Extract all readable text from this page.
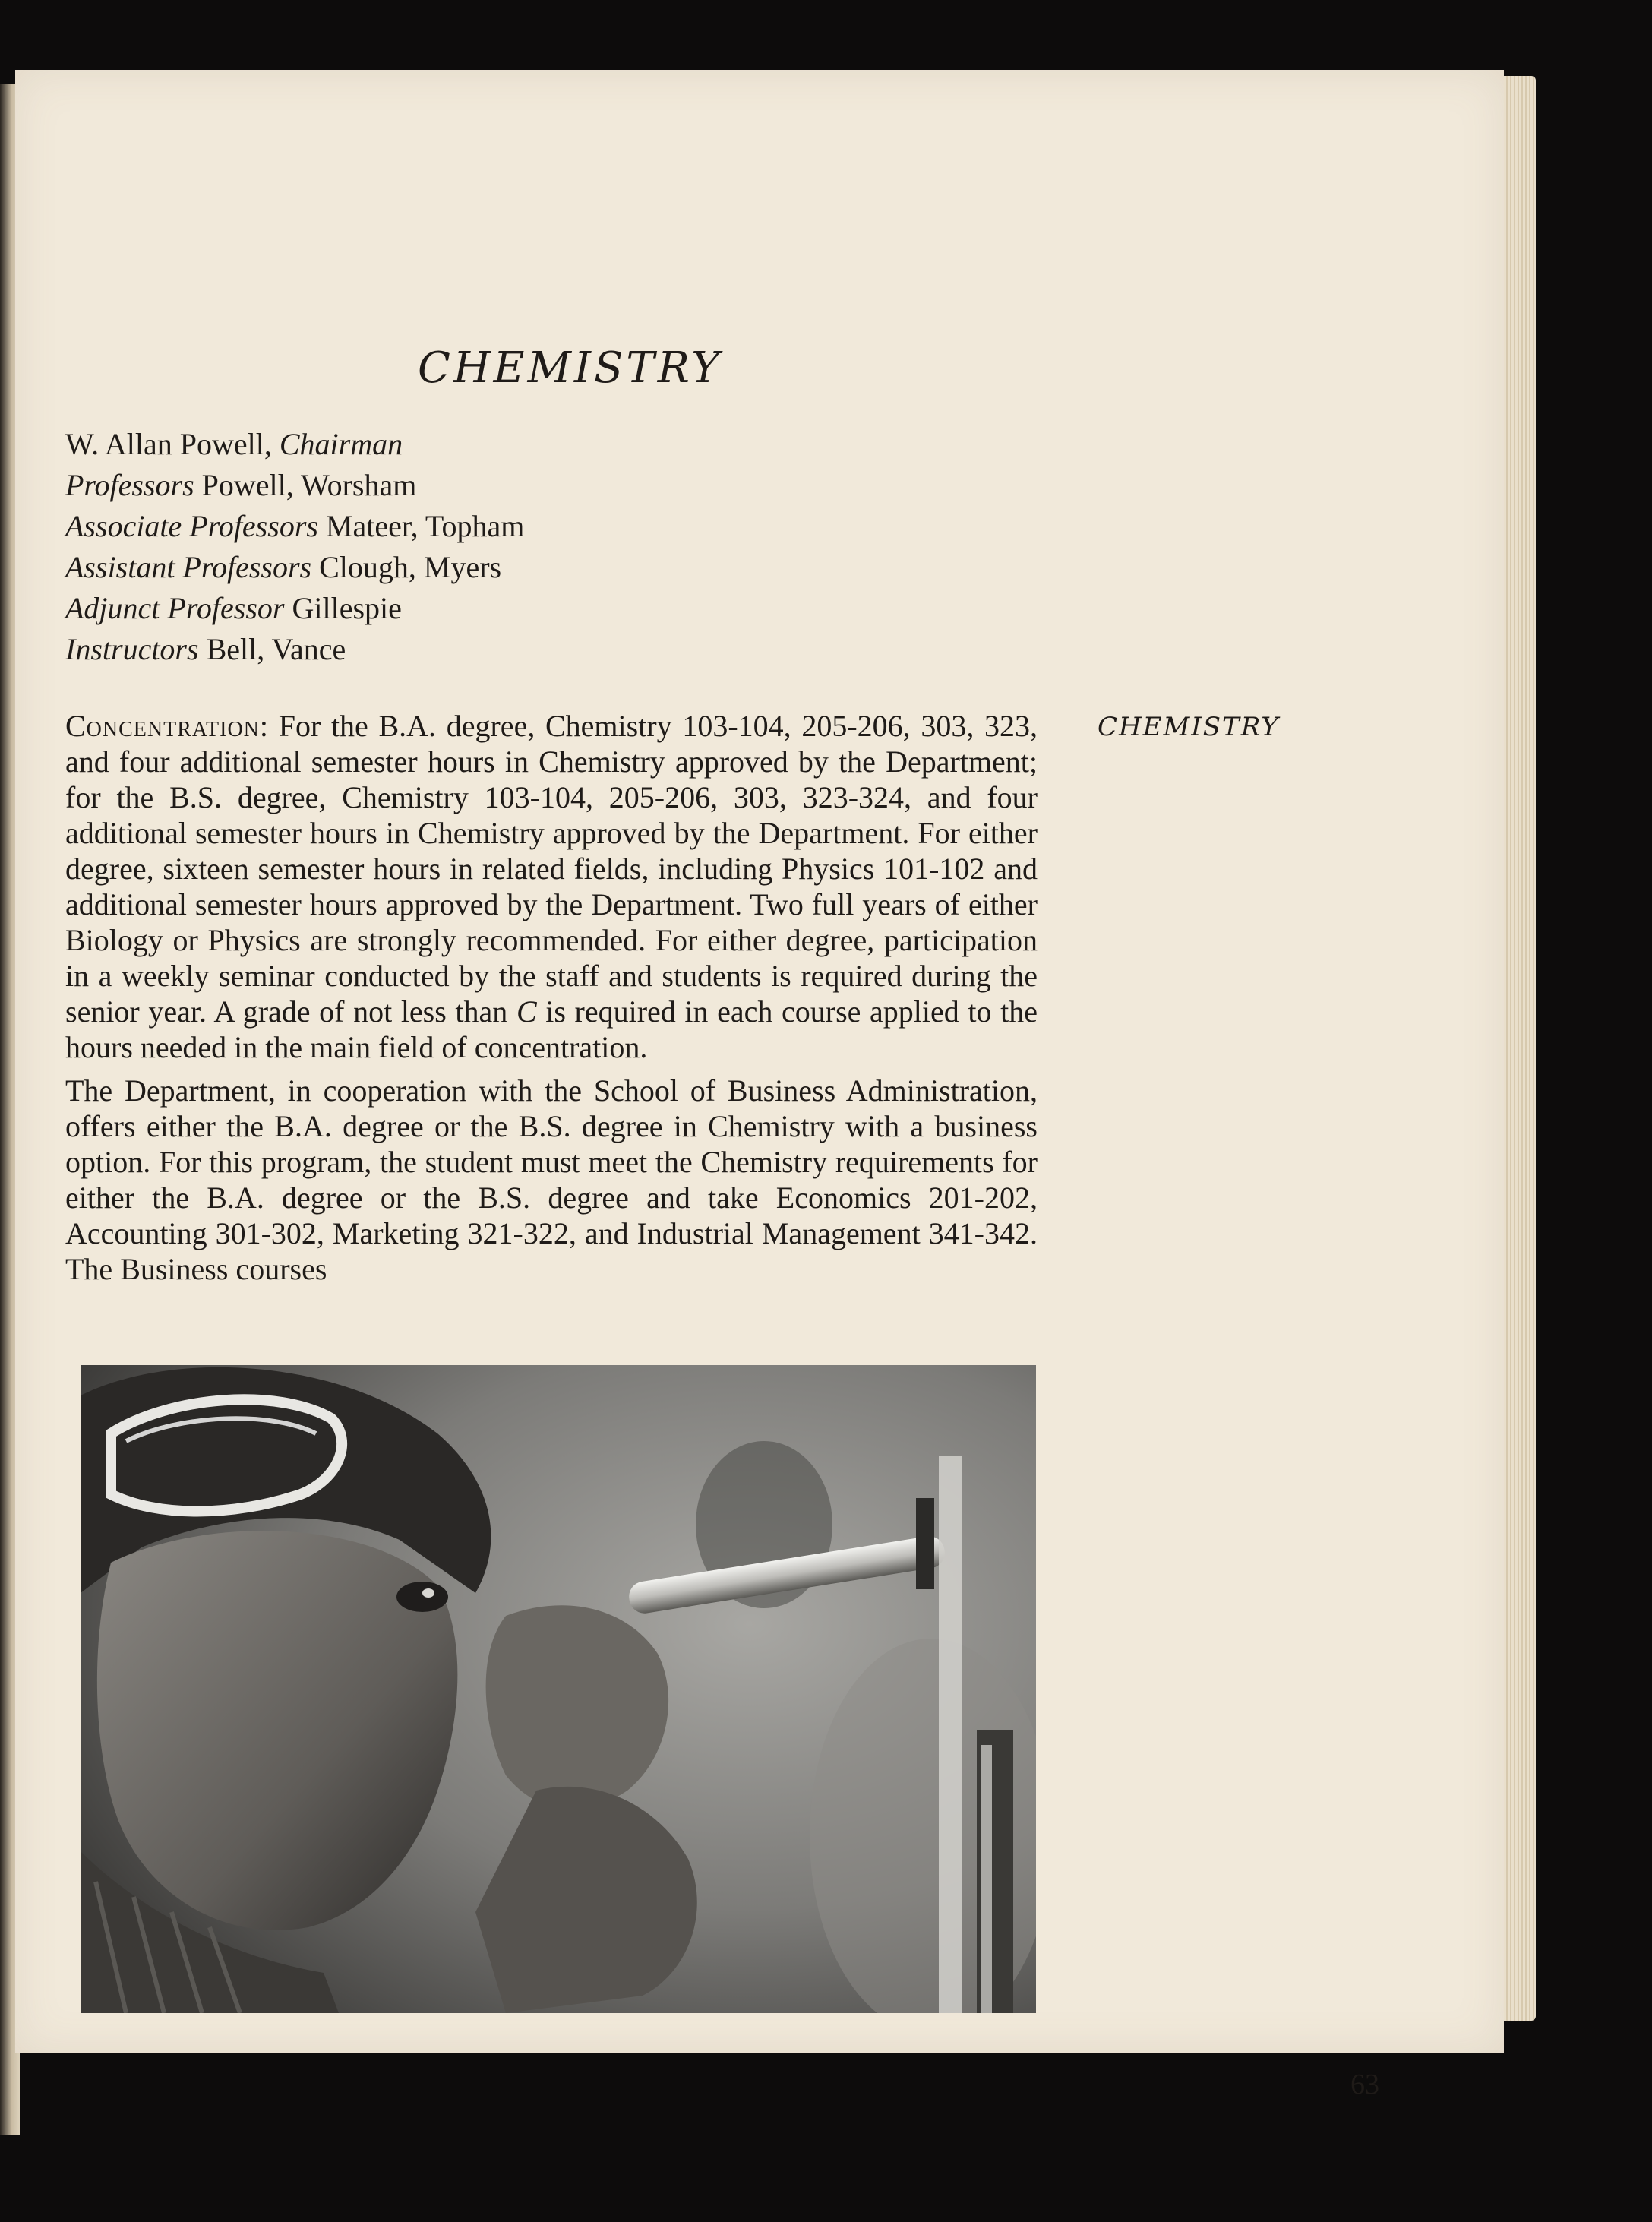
CHEMISTRY
W. Allan Powell, Chairman
Professors Powell, Worsham
Associate Professors Mateer, Topham
Assistant Professors Clough, Myers
Adjunct Professor Gillespie
Instructors Bell, Vance
CHEMISTRY

Concentration: For the B.A. degree, Chemistry 103-104, 205-206, 303, 323, and four additional semester hours in Chemistry approved by the Department; for the B.S. degree, Chemistry 103-104, 205-206, 303, 323-324, and four additional semester hours in Chemistry approved by the Department. For either degree, sixteen semester hours in related fields, including Physics 101-102 and additional semester hours approved by the Department. Two full years of either Biology or Physics are strongly recommended. For either degree, participation in a weekly seminar conducted by the staff and students is required during the senior year. A grade of not less than C is required in each course applied to the hours needed in the main field of concentration.

The Department, in cooperation with the School of Business Administration, offers either the B.A. degree or the B.S. degree in Chemistry with a business option. For this program, the student must meet the Chemistry requirements for either the B.A. degree or the B.S. degree and take Economics 201-202, Accounting 301-302, Marketing 321-322, and Industrial Management 341-342. The Business courses

63
